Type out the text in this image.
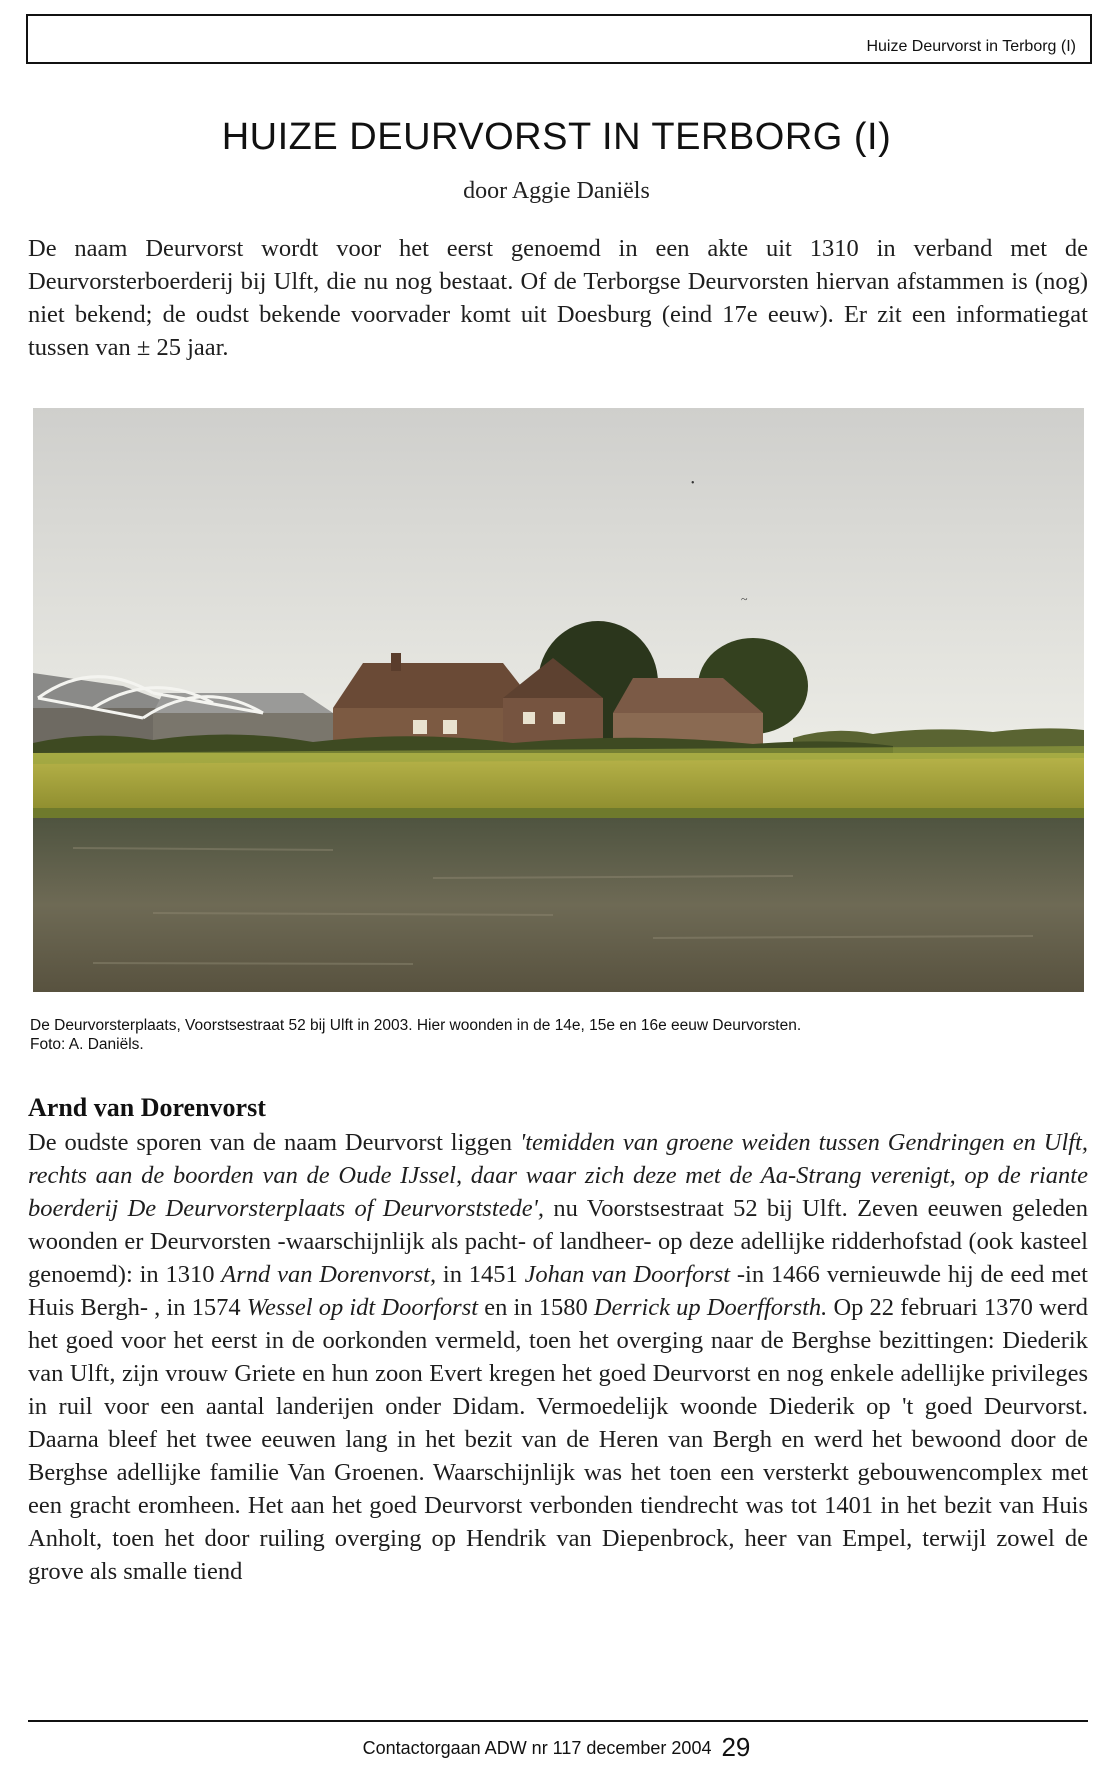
Huize Deurvorst in Terborg (I)
HUIZE DEURVORST IN TERBORG (I)
door Aggie Daniëls

De naam Deurvorst wordt voor het eerst genoemd in een akte uit 1310 in verband met de Deurvorsterboerderij bij Ulft, die nu nog bestaat. Of de Terborgse Deurvorsten hiervan afstammen is (nog) niet bekend; de oudst bekende voorvader komt uit Doesburg (eind 17e eeuw). Er zit een informatiegat tussen van ± 25 jaar.

•
~
De Deurvorsterplaats, Voorstsestraat 52 bij Ulft in 2003. Hier woonden in de 14e, 15e en 16e eeuw Deurvorsten.
Foto: A. Daniëls.
Arnd van Dorenvorst

De oudste sporen van de naam Deurvorst liggen 'temidden van groene weiden tussen Gendringen en Ulft, rechts aan de boorden van de Oude IJssel, daar waar zich deze met de Aa-Strang verenigt, op de riante boerderij De Deurvorsterplaats of Deurvorststede', nu Voorstsestraat 52 bij Ulft. Zeven eeuwen geleden woonden er Deurvorsten -waarschijnlijk als pacht- of landheer- op deze adellijke ridderhofstad (ook kasteel genoemd): in 1310 Arnd van Dorenvorst, in 1451 Johan van Doorforst -in 1466 vernieuwde hij de eed met Huis Bergh- , in 1574 Wessel op idt Doorforst en in 1580 Derrick up Doerfforsth. Op 22 februari 1370 werd het goed voor het eerst in de oorkonden vermeld, toen het overging naar de Berghse bezittingen: Diederik van Ulft, zijn vrouw Griete en hun zoon Evert kregen het goed Deurvorst en nog enkele adellijke privileges in ruil voor een aantal landerijen onder Didam. Vermoedelijk woonde Diederik op 't goed Deurvorst. Daarna bleef het twee eeuwen lang in het bezit van de Heren van Bergh en werd het bewoond door de Berghse adellijke familie Van Groenen. Waarschijnlijk was het toen een versterkt gebouwencomplex met een gracht eromheen. Het aan het goed Deurvorst verbonden tiendrecht was tot 1401 in het bezit van Huis Anholt, toen het door ruiling overging op Hendrik van Diepenbrock, heer van Empel, terwijl zowel de grove als smalle tiend

Contactorgaan ADW nr 117 december 2004 29
